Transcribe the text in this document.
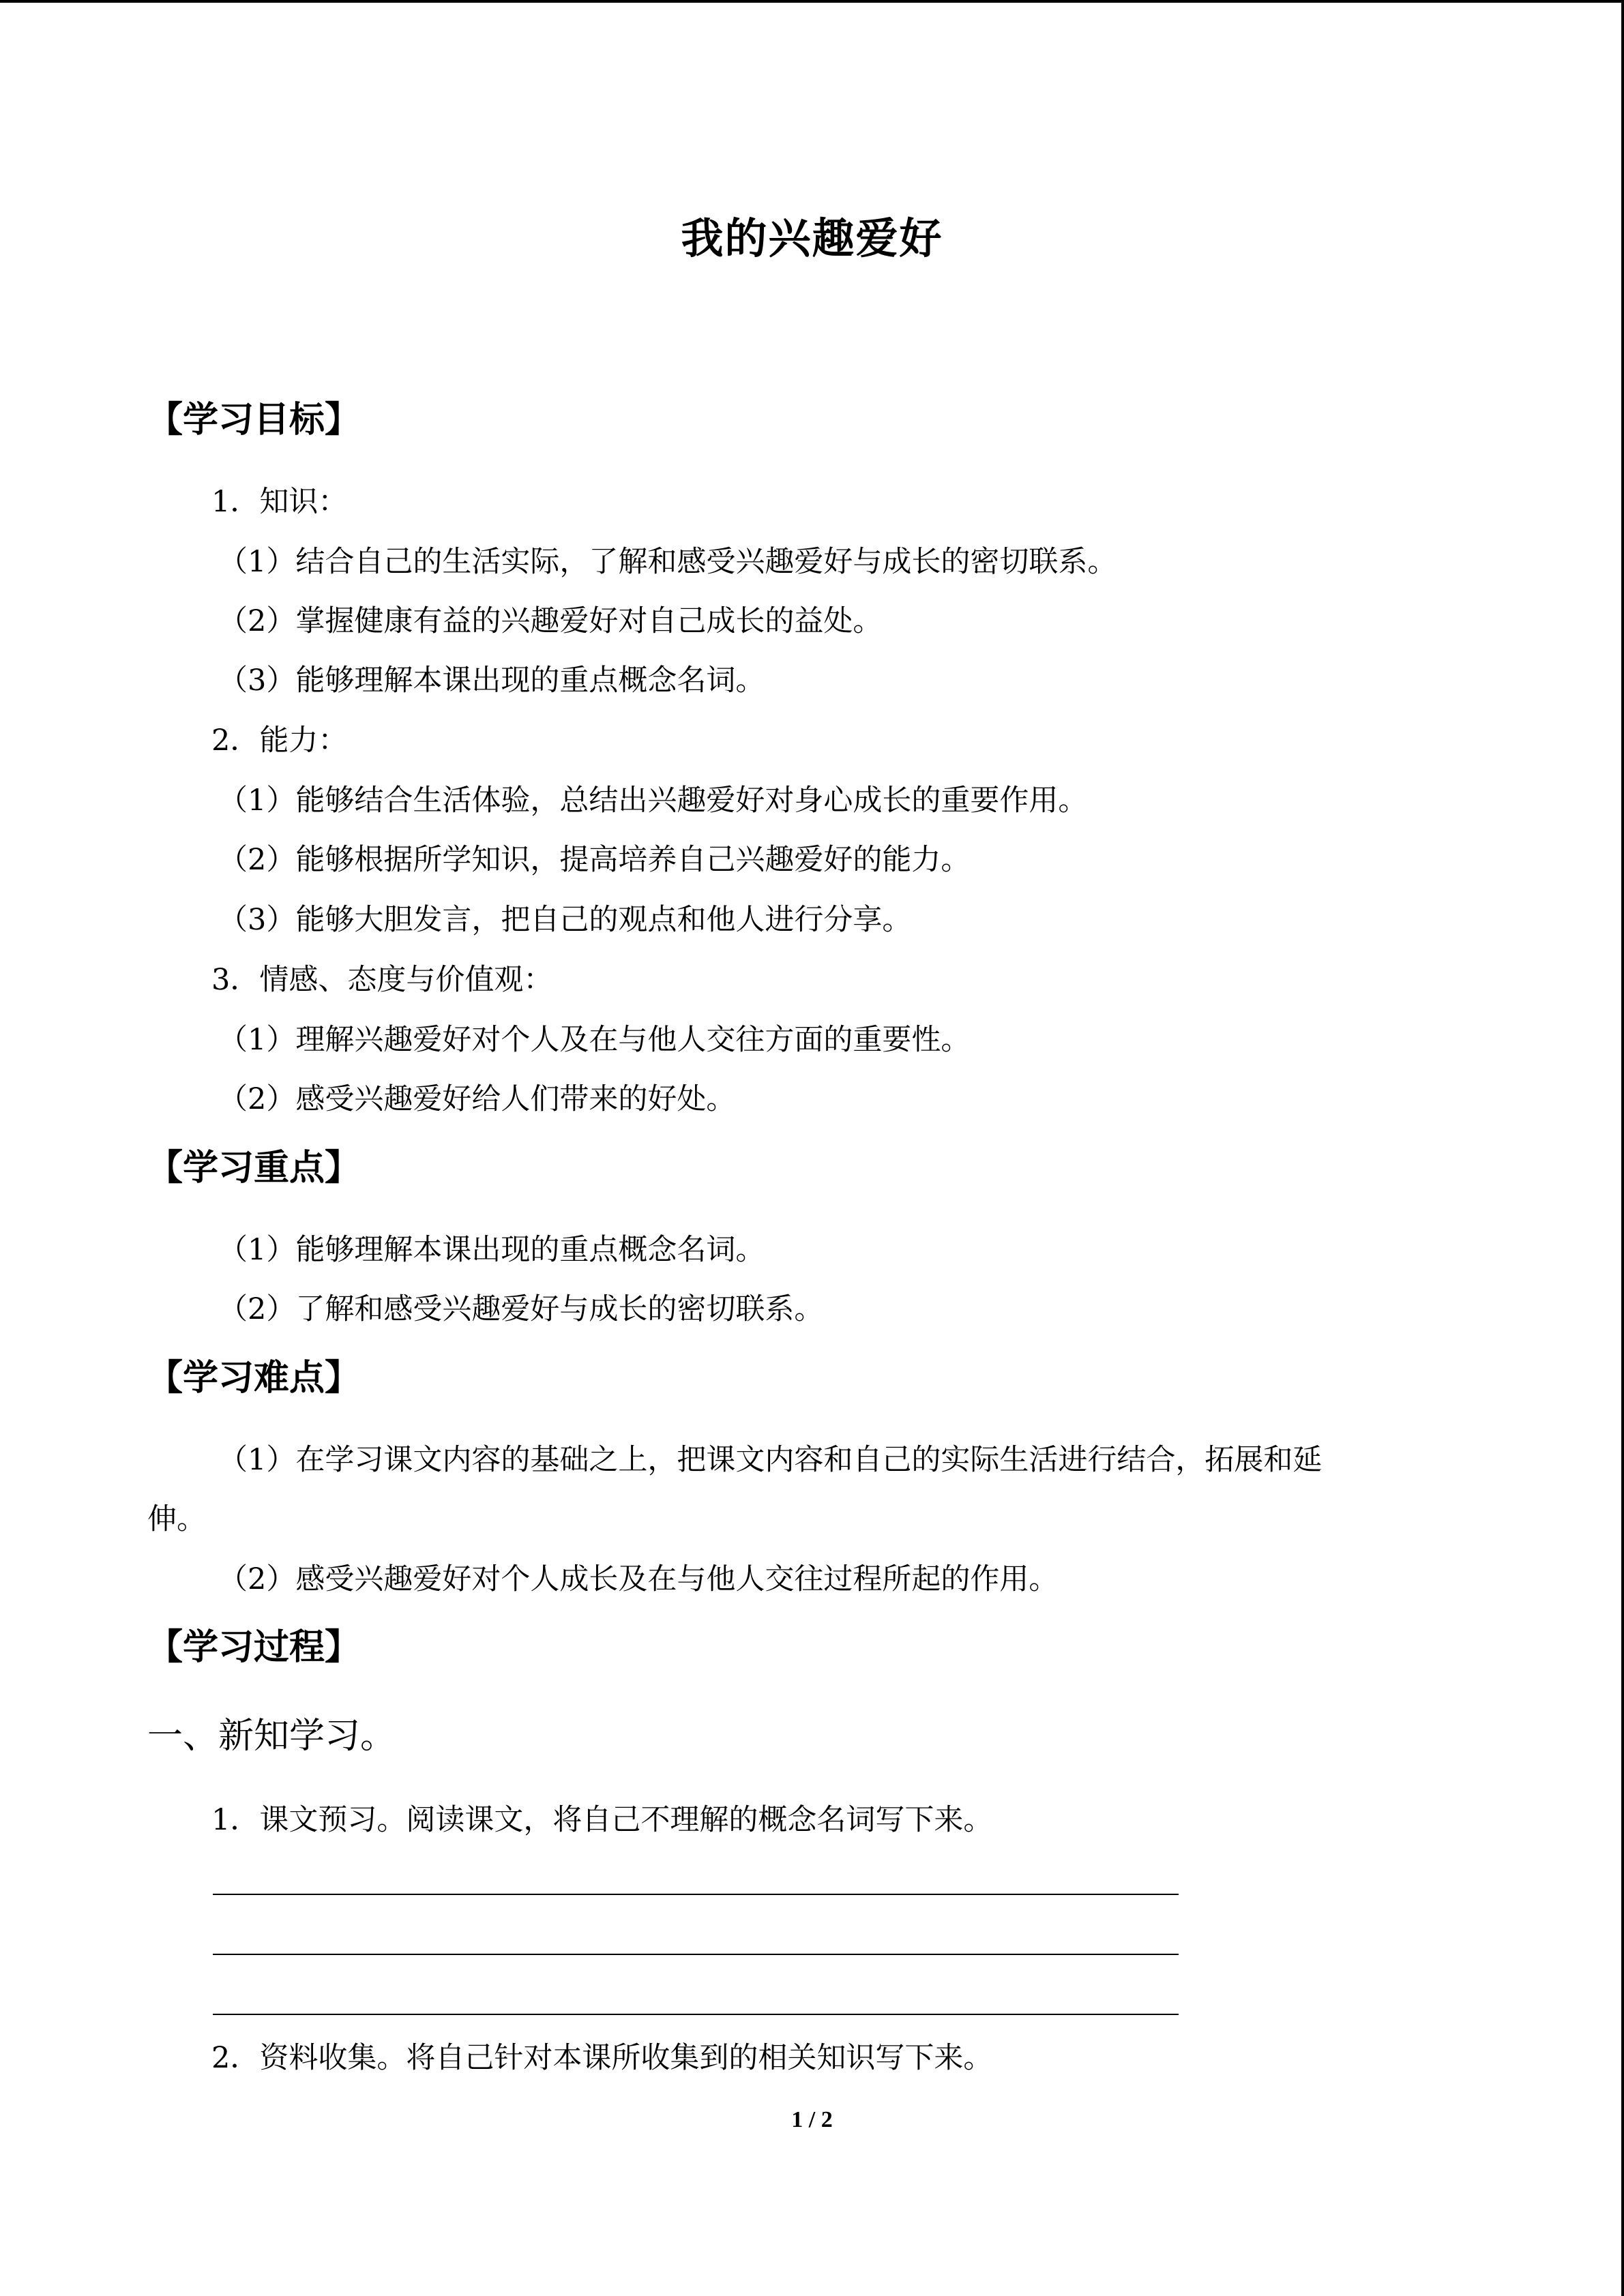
我的兴趣爱好
【学习目标】
1．知识：
（1）结合自己的生活实际，了解和感受兴趣爱好与成长的密切联系。
（2）掌握健康有益的兴趣爱好对自己成长的益处。
（3）能够理解本课出现的重点概念名词。
2．能力：
（1）能够结合生活体验，总结出兴趣爱好对身心成长的重要作用。
（2）能够根据所学知识，提高培养自己兴趣爱好的能力。
（3）能够大胆发言，把自己的观点和他人进行分享。
3．情感、态度与价值观：
（1）理解兴趣爱好对个人及在与他人交往方面的重要性。
（2）感受兴趣爱好给人们带来的好处。
【学习重点】
（1）能够理解本课出现的重点概念名词。
（2）了解和感受兴趣爱好与成长的密切联系。
【学习难点】
（1）在学习课文内容的基础之上，把课文内容和自己的实际生活进行结合，拓展和延
伸。
（2）感受兴趣爱好对个人成长及在与他人交往过程所起的作用。
【学习过程】
一、新知学习。
1．课文预习。阅读课文，将自己不理解的概念名词写下来。
2．资料收集。将自己针对本课所收集到的相关知识写下来。
1 / 2
